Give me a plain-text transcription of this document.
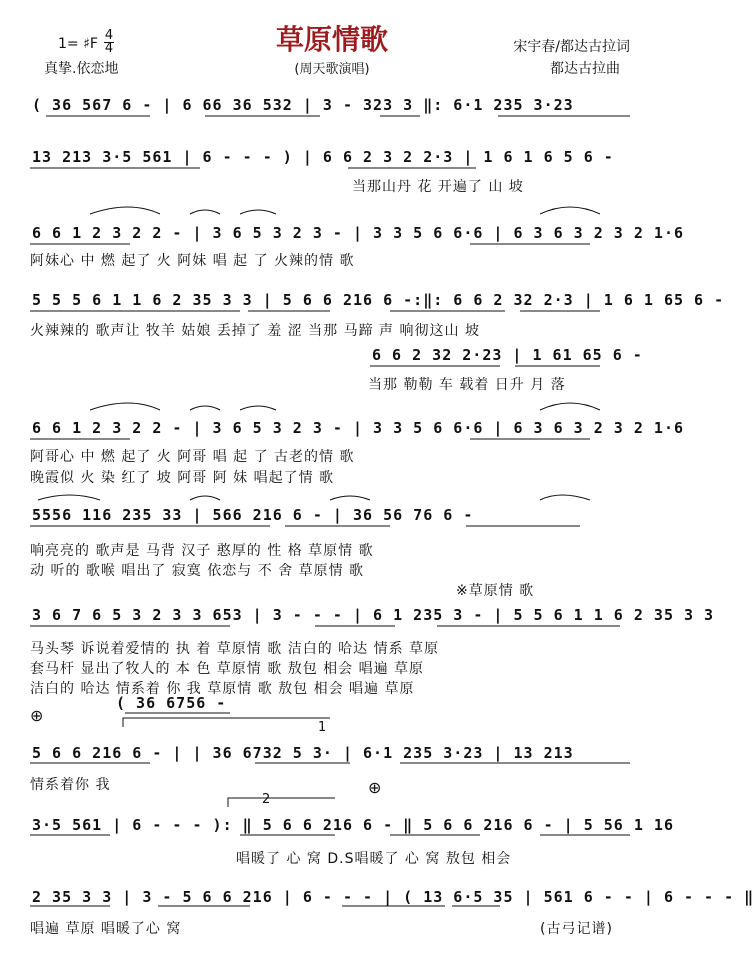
草原情歌
1= ♯F
4
4
真挚.依恋地	(周天歌演唱)
宋宇春/都达古拉词
都达古拉曲
( 36 567 6 - | 6 66 36 532 | 3 - 323 3 ‖: 6·1 235 3·23
13 213 3·5 561 | 6 - - - ) | 6 6 2 3 2 2·3 | 1 6 1 6 5 6 -
当那山丹 花 开遍了 山 坡
6 6 1 2 3 2 2 - | 3 6 5 3 2 3 - | 3 3 5 6 6·6 | 6 3 6 3 2 3 2 1·6
阿妹心 中 燃 起了 火 阿妹 唱 起 了 火辣的情 歌
5 5 5 6 1 1 6 2 35 3 3 | 5 6 6 216 6 -:‖: 6 6 2 32 2·3 | 1 6 1 65 6 -
火辣辣的 歌声让 牧羊 姑娘 丢掉了 羞 涩 当那 马蹄 声 响彻这山 坡
6 6 2 32 2·23 | 1 61 65 6 -
当那 勒勒 车 载着 日升 月 落
6 6 1 2 3 2 2 - | 3 6 5 3 2 3 - | 3 3 5 6 6·6 | 6 3 6 3 2 3 2 1·6
阿哥心 中 燃 起了 火 阿哥 唱 起 了 古老的情 歌
晚霞似 火 染 红了 坡 阿哥 阿 妹 唱起了情 歌
5556 116 235 33 | 566 216 6 - | 36 56 76 6 -
响亮亮的 歌声是 马背 汉子 憨厚的 性 格 草原情 歌
动 听的 歌喉 唱出了 寂寞 依恋与 不 舍 草原情 歌
※草原情 歌
3 6 7 6 5 3 2 3 3 653 | 3 - - - | 6 1 235 3 - | 5 5 6 1 1 6 2 35 3 3
马头琴 诉说着爱情的 执 着 草原情 歌 洁白的 哈达 情系 草原
套马杆 显出了牧人的 本 色 草原情 歌 敖包 相会 唱遍 草原
洁白的 哈达 情系着 你 我 草原情 歌 敖包 相会 唱遍 草原
⊕
( 36 6756 -
1
5 6 6 216 6 - | | 36 6732 5 3· | 6·1 235 3·23 | 13 213
情系着你 我	⊕
2
3·5 561 | 6 - - - ): ‖ 5 6 6 216 6 - ‖ 5 6 6 216 6 - | 5 56 1 16
唱暖了 心 窝 D.S唱暖了 心 窝 敖包 相会
2 35 3 3 | 3 - 5 6 6 216 | 6 - - - | ( 13 6·5 35 | 561 6 - - | 6 - - - ‖
唱遍 草原 唱暖了心 窝	(古弓记谱)
